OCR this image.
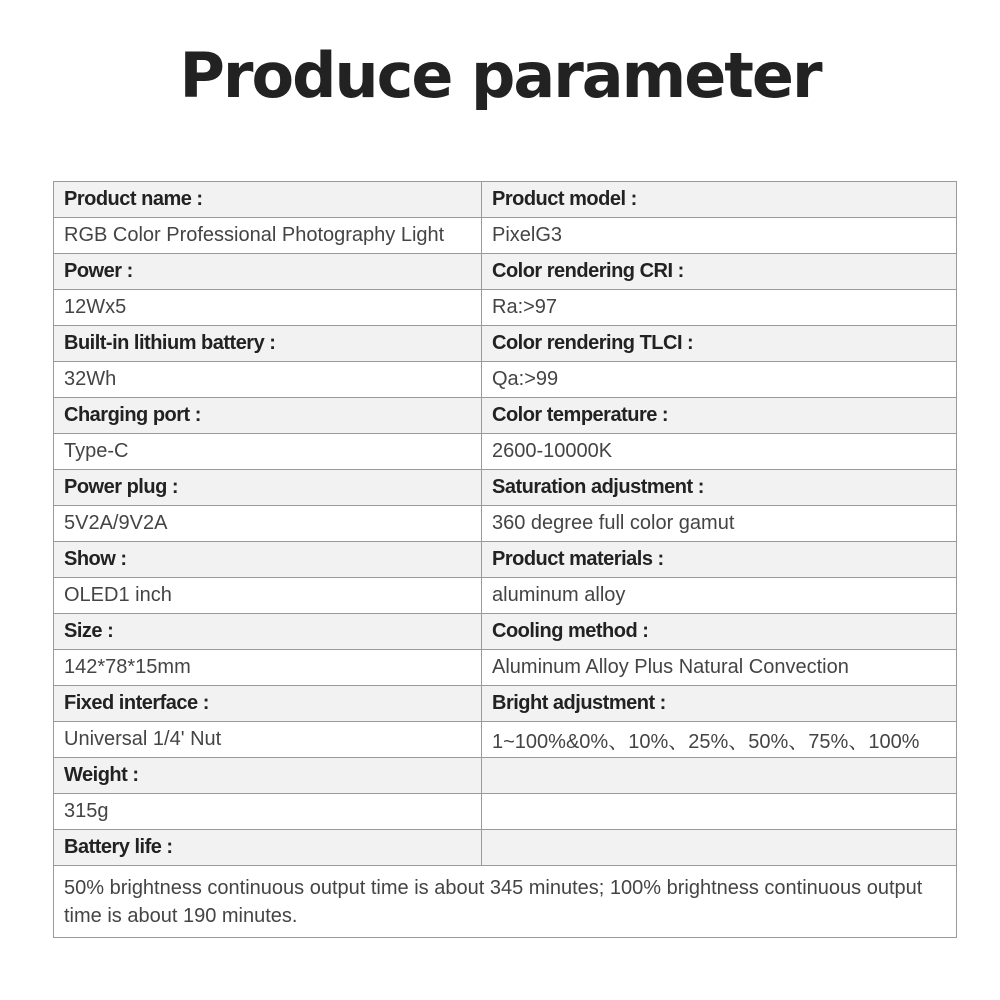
Produce parameter
Product name :	Product model :
RGB Color Professional Photography Light	PixelG3
Power :	Color rendering CRI :
12Wx5	Ra:>97
Built-in lithium battery :	Color rendering TLCI :
32Wh	Qa:>99
Charging port :	Color temperature :
Type-C	2600-10000K
Power plug :	Saturation adjustment :
5V2A/9V2A	360 degree full color gamut
Show :	Product materials :
OLED1 inch	aluminum alloy
Size :	Cooling method :
142*78*15mm	Aluminum Alloy Plus Natural Convection
Fixed interface :	Bright adjustment :
Universal 1/4' Nut	1~100%&0%、10%、25%、50%、75%、100%
Weight :	
315g	
Battery life :	
50% brightness continuous output time is about 345 minutes; 100% brightness continuous output time is about 190 minutes.	
